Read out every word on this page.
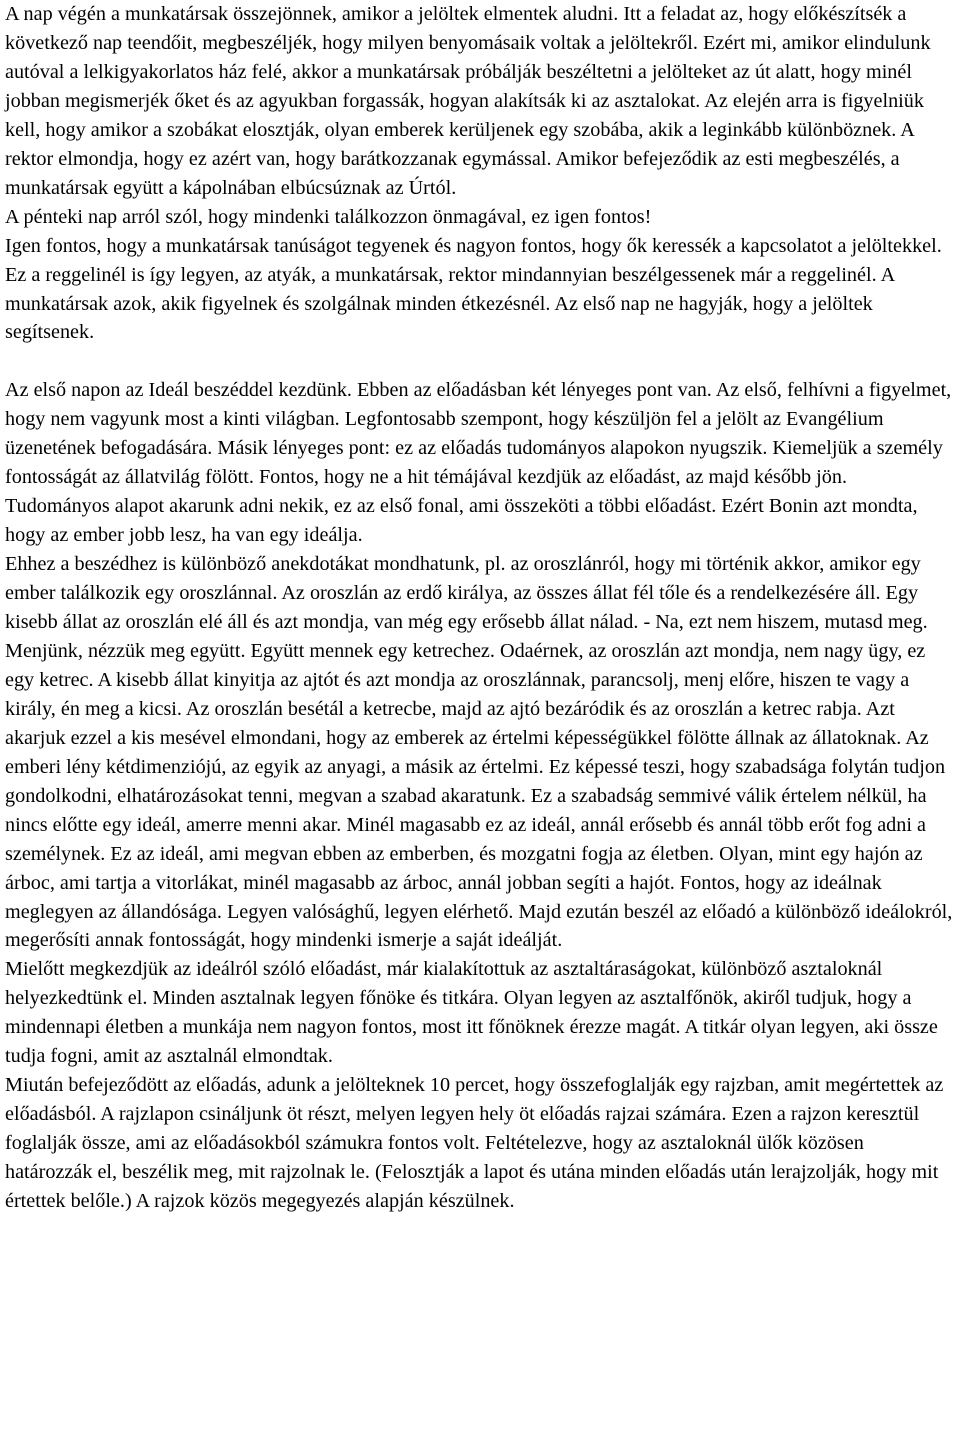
A nap végén a munkatársak összejönnek, amikor a jelöltek elmentek aludni. Itt a feladat az, hogy előkészítsék a következő nap teendőit, megbeszéljék, hogy milyen benyomásaik voltak a jelöltekről. Ezért mi, amikor elindulunk autóval a lelkigyakorlatos ház felé, akkor a munkatársak próbálják beszéltetni a jelölteket az út alatt, hogy minél jobban megismerjék őket és az agyukban forgassák, hogyan alakítsák ki az asztalokat. Az elején arra is figyelniük kell, hogy amikor a szobákat elosztják, olyan emberek kerüljenek egy szobába, akik a leginkább különböznek. A rektor elmondja, hogy ez azért van, hogy barátkozzanak egymással. Amikor befejeződik az esti megbeszélés, a munkatársak együtt a kápolnában elbúcsúznak az Úrtól.

A pénteki nap arról szól, hogy mindenki találkozzon önmagával, ez igen fontos!

Igen fontos, hogy a munkatársak tanúságot tegyenek és nagyon fontos, hogy ők keressék a kapcsolatot a jelöltekkel. Ez a reggelinél is így legyen, az atyák, a munkatársak, rektor mindannyian beszélgessenek már a reggelinél. A munkatársak azok, akik figyelnek és szolgálnak minden étkezésnél. Az első nap ne hagyják, hogy a jelöltek segítsenek.

Az első napon az Ideál beszéddel kezdünk. Ebben az előadásban két lényeges pont van. Az első, felhívni a figyelmet, hogy nem vagyunk most a kinti világban. Legfontosabb szempont, hogy készüljön fel a jelölt az Evangélium üzenetének befogadására. Másik lényeges pont: ez az előadás tudományos alapokon nyugszik. Kiemeljük a személy fontosságát az állatvilág fölött. Fontos, hogy ne a hit témájával kezdjük az előadást, az majd később jön. Tudományos alapot akarunk adni nekik, ez az első fonal, ami összeköti a többi előadást. Ezért Bonin azt mondta, hogy az ember jobb lesz, ha van egy ideálja.

Ehhez a beszédhez is különböző anekdotákat mondhatunk, pl. az oroszlánról, hogy mi történik akkor, amikor egy ember találkozik egy oroszlánnal. Az oroszlán az erdő királya, az összes állat fél tőle és a rendelkezésére áll. Egy kisebb állat az oroszlán elé áll és azt mondja, van még egy erősebb állat nálad. - Na, ezt nem hiszem, mutasd meg. Menjünk, nézzük meg együtt. Együtt mennek egy ketrechez. Odaérnek, az oroszlán azt mondja, nem nagy ügy, ez egy ketrec. A kisebb állat kinyitja az ajtót és azt mondja az oroszlánnak, parancsolj, menj előre, hiszen te vagy a király, én meg a kicsi. Az oroszlán besétál a ketrecbe, majd az ajtó bezáródik és az oroszlán a ketrec rabja. Azt akarjuk ezzel a kis mesével elmondani, hogy az emberek az értelmi képességükkel fölötte állnak az állatoknak. Az emberi lény kétdimenziójú, az egyik az anyagi, a másik az értelmi. Ez képessé teszi, hogy szabadsága folytán tudjon gondolkodni, elhatározásokat tenni, megvan a szabad akaratunk. Ez a szabadság semmivé válik értelem nélkül, ha nincs előtte egy ideál, amerre menni akar. Minél magasabb ez az ideál, annál erősebb és annál több erőt fog adni a személynek. Ez az ideál, ami megvan ebben az emberben, és mozgatni fogja az életben. Olyan, mint egy hajón az árboc, ami tartja a vitorlákat, minél magasabb az árboc, annál jobban segíti a hajót. Fontos, hogy az ideálnak meglegyen az állandósága. Legyen valósághű, legyen elérhető. Majd ezután beszél az előadó a különböző ideálokról, megerősíti annak fontosságát, hogy mindenki ismerje a saját ideálját.

Mielőtt megkezdjük az ideálról szóló előadást, már kialakítottuk az asztaltáraságokat, különböző asztaloknál helyezkedtünk el. Minden asztalnak legyen főnöke és titkára. Olyan legyen az asztalfőnök, akiről tudjuk, hogy a mindennapi életben a munkája nem nagyon fontos, most itt főnöknek érezze magát. A titkár olyan legyen, aki össze tudja fogni, amit az asztalnál elmondtak.

Miután befejeződött az előadás, adunk a jelölteknek 10 percet, hogy összefoglalják egy rajzban, amit megértettek az előadásból. A rajzlapon csináljunk öt részt, melyen legyen hely öt előadás rajzai számára. Ezen a rajzon keresztül foglalják össze, ami az előadásokból számukra fontos volt. Feltételezve, hogy az asztaloknál ülők közösen határozzák el, beszélik meg, mit rajzolnak le. (Felosztják a lapot és utána minden előadás után lerajzolják, hogy mit értettek belőle.) A rajzok közös megegyezés alapján készülnek.
